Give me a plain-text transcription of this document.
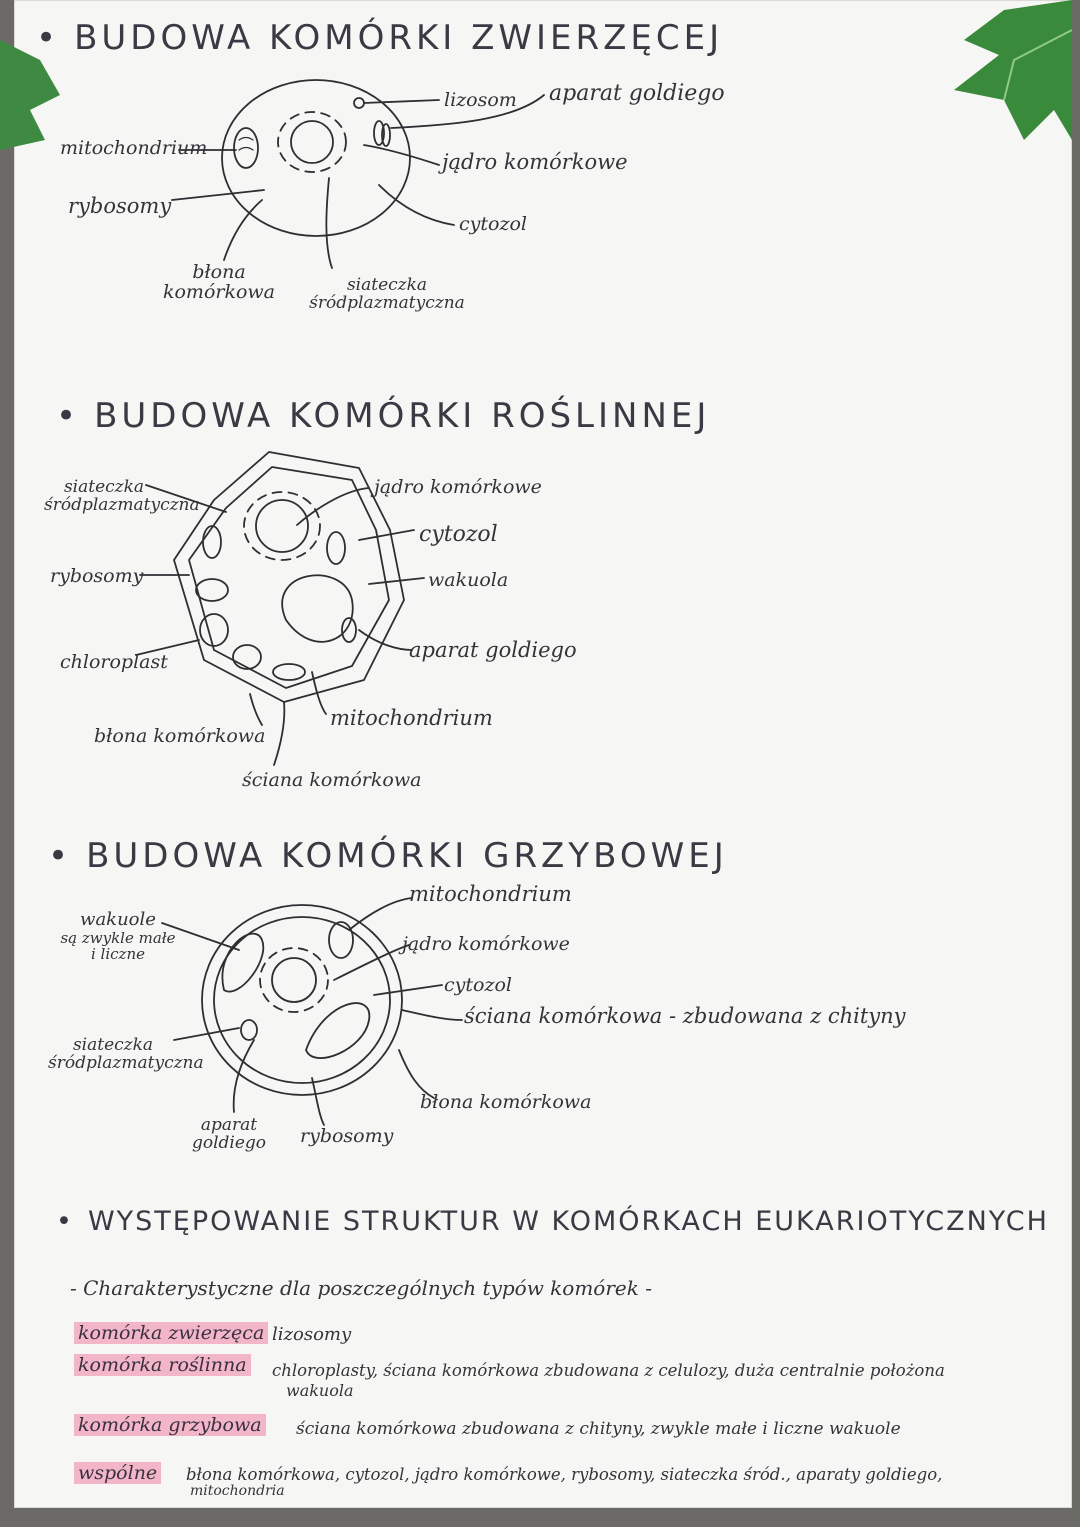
• BUDOWA KOMÓRKI ZWIERZĘCEJ
lizosom aparat goldiego
mitochondrium
jądro komórkowe
rybosomy
cytozol
błona
komórkowa	siateczka
śródplazmatyczna
• BUDOWA KOMÓRKI ROŚLINNEJ
siateczka
śródplazmatyczna
jądro komórkowe
cytozol
rybosomy	wakuola
chloroplast	aparat goldiego
mitochondrium
błona komórkowa
ściana komórkowa
• BUDOWA KOMÓRKI GRZYBOWEJ
mitochondrium
wakuole
są zwykle małe
i liczne	jądro komórkowe
cytozol
ściana komórkowa - zbudowana z chityny
siateczka
śródplazmatyczna
błona komórkowa
aparat
goldiego	rybosomy
• WYSTĘPOWANIE STRUKTUR W KOMÓRKACH EUKARIOTYCZNYCH
- Charakterystyczne dla poszczególnych typów komórek -
komórka zwierzęca lizosomy
komórka roślinna chloroplasty, ściana komórkowa zbudowana z celulozy, duża centralnie położona
wakuola
komórka grzybowa ściana komórkowa zbudowana z chityny, zwykle małe i liczne wakuole
wspólne błona komórkowa, cytozol, jądro komórkowe, rybosomy, siateczka śród., aparaty goldiego,
mitochondria
